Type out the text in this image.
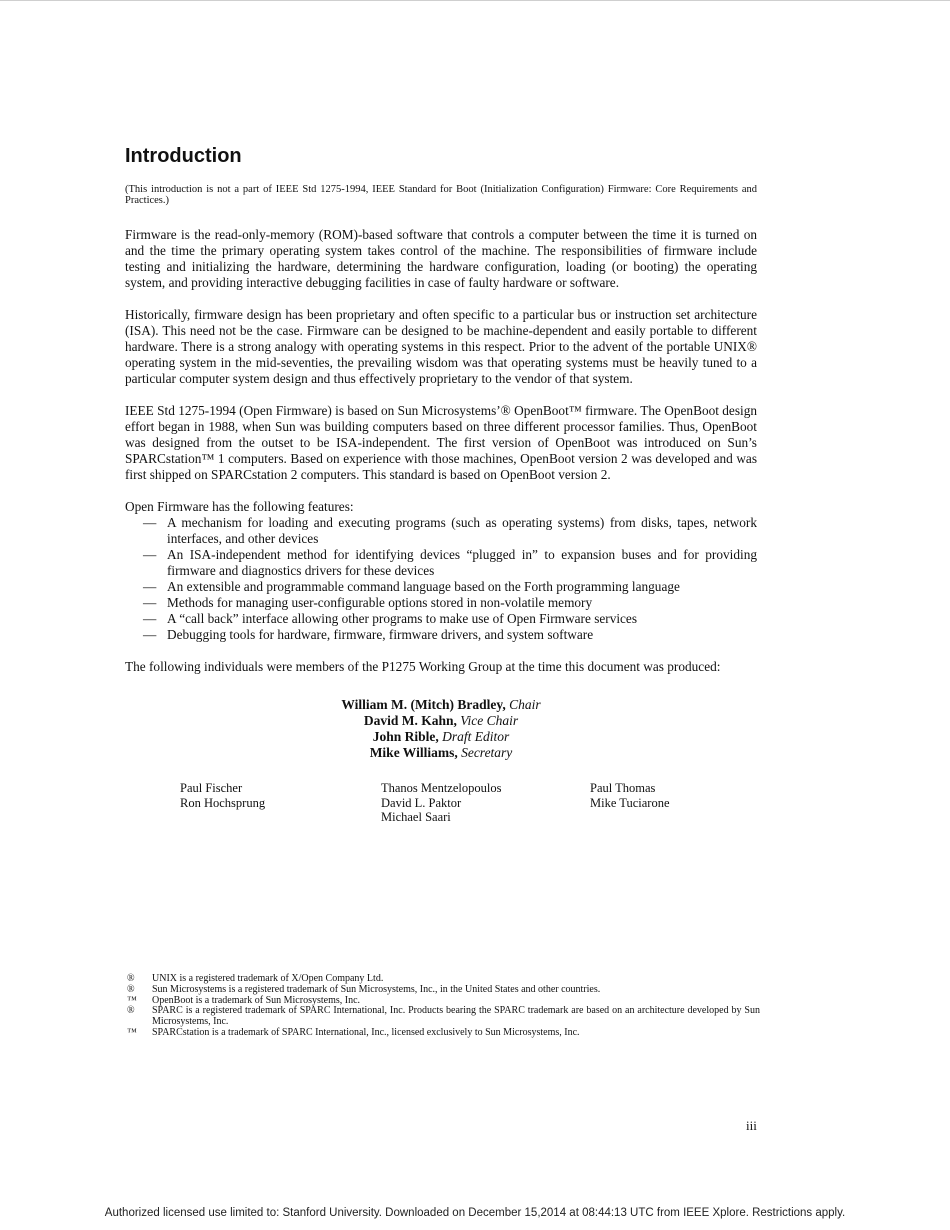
Introduction
(This introduction is not a part of IEEE Std 1275-1994, IEEE Standard for Boot (Initialization Configuration) Firmware: Core Requirements and Practices.)

Firmware is the read-only-memory (ROM)-based software that controls a computer between the time it is turned on and the time the primary operating system takes control of the machine. The responsibilities of firmware include testing and initializing the hardware, determining the hardware configuration, loading (or booting) the operating system, and providing interactive debugging facilities in case of faulty hardware or software.

Historically, firmware design has been proprietary and often specific to a particular bus or instruction set architecture (ISA). This need not be the case. Firmware can be designed to be machine-dependent and easily portable to different hardware. There is a strong analogy with operating systems in this respect. Prior to the advent of the portable UNIX® operating system in the mid-seventies, the prevailing wisdom was that operating systems must be heavily tuned to a particular computer system design and thus effectively proprietary to the vendor of that system.

IEEE Std 1275-1994 (Open Firmware) is based on Sun Microsystems’® OpenBoot™ firmware. The OpenBoot design effort began in 1988, when Sun was building computers based on three different processor families. Thus, OpenBoot was designed from the outset to be ISA-independent. The first version of OpenBoot was introduced on Sun’s SPARCstation™ 1 computers. Based on experience with those machines, OpenBoot version 2 was developed and was first shipped on SPARCstation 2 computers. This standard is based on OpenBoot version 2.

Open Firmware has the following features:
— A mechanism for loading and executing programs (such as operating systems) from disks, tapes, network interfaces, and other devices
— An ISA-independent method for identifying devices “plugged in” to expansion buses and for providing firmware and diagnostics drivers for these devices
— An extensible and programmable command language based on the Forth programming language
— Methods for managing user-configurable options stored in non-volatile memory
— A “call back” interface allowing other programs to make use of Open Firmware services
— Debugging tools for hardware, firmware, firmware drivers, and system software

The following individuals were members of the P1275 Working Group at the time this document was produced:

William M. (Mitch) Bradley, Chair
David M. Kahn, Vice Chair
John Rible, Draft Editor
Mike Williams, Secretary
Paul Fischer
Ron Hochsprung
Thanos Mentzelopoulos
David L. Paktor
Michael Saari
Paul Thomas
Mike Tuciarone
® UNIX is a registered trademark of X/Open Company Ltd.
® Sun Microsystems is a registered trademark of Sun Microsystems, Inc., in the United States and other countries.
™ OpenBoot is a trademark of Sun Microsystems, Inc.
® SPARC is a registered trademark of SPARC International, Inc. Products bearing the SPARC trademark are based on an architecture developed by Sun Microsystems, Inc.
™ SPARCstation is a trademark of SPARC International, Inc., licensed exclusively to Sun Microsystems, Inc.
iii
Authorized licensed use limited to: Stanford University. Downloaded on December 15,2014 at 08:44:13 UTC from IEEE Xplore. Restrictions apply.
